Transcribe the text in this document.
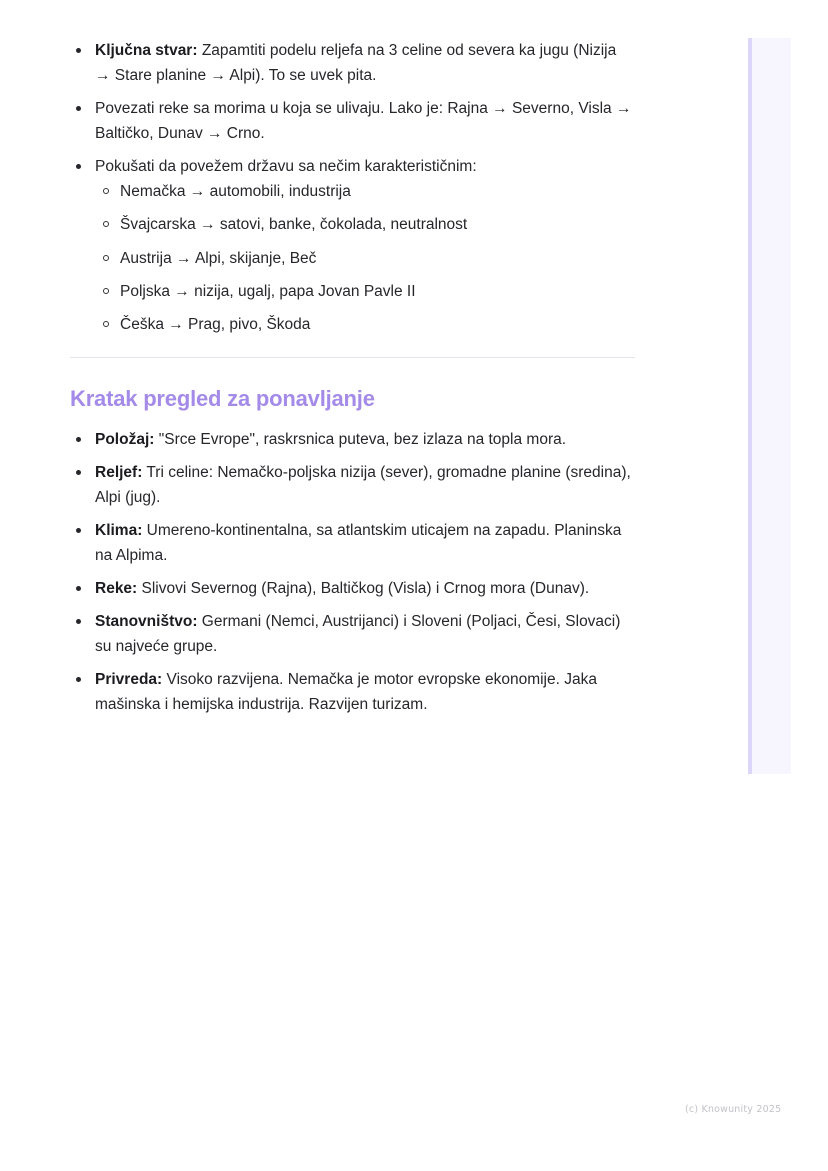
Ključna stvar: Zapamtiti podelu reljefa na 3 celine od severa ka jugu (Nizija → Stare planine → Alpi). To se uvek pita.
Povezati reke sa morima u koja se ulivaju. Lako je: Rajna → Severno, Visla → Baltičko, Dunav → Crno.
Pokušati da povežem državu sa nečim karakterističnim:
Nemačka → automobili, industrija
Švajcarska → satovi, banke, čokolada, neutralnost
Austrija → Alpi, skijanje, Beč
Poljska → nizija, ugalj, papa Jovan Pavle II
Češka → Prag, pivo, Škoda
Kratak pregled za ponavljanje
Položaj: "Srce Evrope", raskrsnica puteva, bez izlaza na topla mora.
Reljef: Tri celine: Nemačko-poljska nizija (sever), gromadne planine (sredina), Alpi (jug).
Klima: Umereno-kontinentalna, sa atlantskim uticajem na zapadu. Planinska na Alpima.
Reke: Slivovi Severnog (Rajna), Baltičkog (Visla) i Crnog mora (Dunav).
Stanovništvo: Germani (Nemci, Austrijanci) i Sloveni (Poljaci, Česi, Slovaci) su najveće grupe.
Privreda: Visoko razvijena. Nemačka je motor evropske ekonomije. Jaka mašinska i hemijska industrija. Razvijen turizam.
(c) Knowunity 2025
